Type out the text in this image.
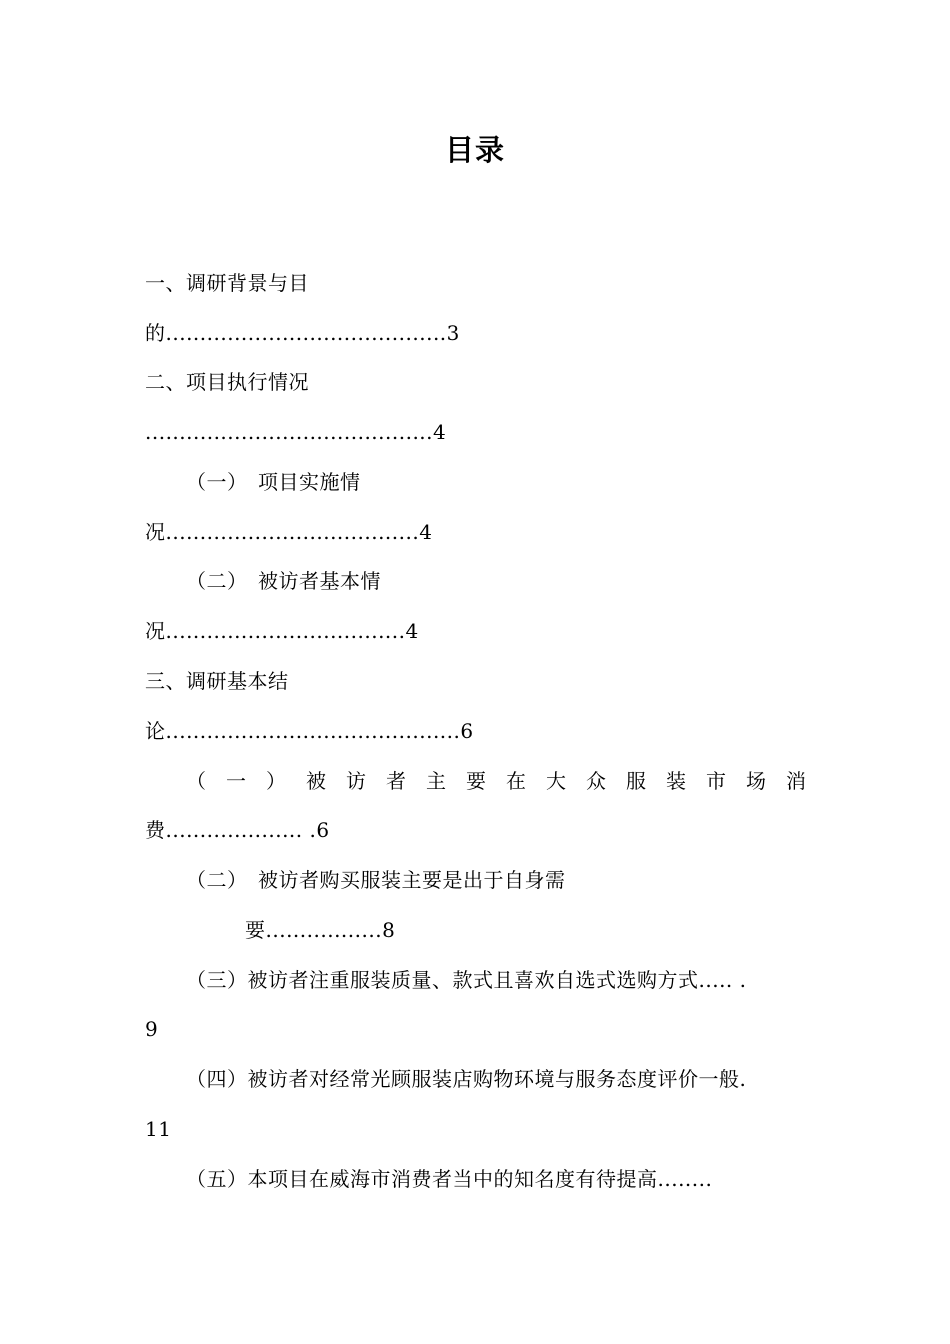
目录
一、调研背景与目
的.........................................3
二、项目执行情况
..........................................4
（一）　项目实施情
况.....................................4
（二）　被访者基本情
况...................................4
三、调研基本结
论...........................................6
（ 一 ） 被 访 者 主 要 在 大 众 服 装 市 场 消
费.................... .6
（二）　被访者购买服装主要是出于自身需
要.................8
（三）被访者注重服装质量、款式且喜欢自选式选购方式..... .
9
（四）被访者对经常光顾服装店购物环境与服务态度评价一般.
11
（五）本项目在威海市消费者当中的知名度有待提高........
